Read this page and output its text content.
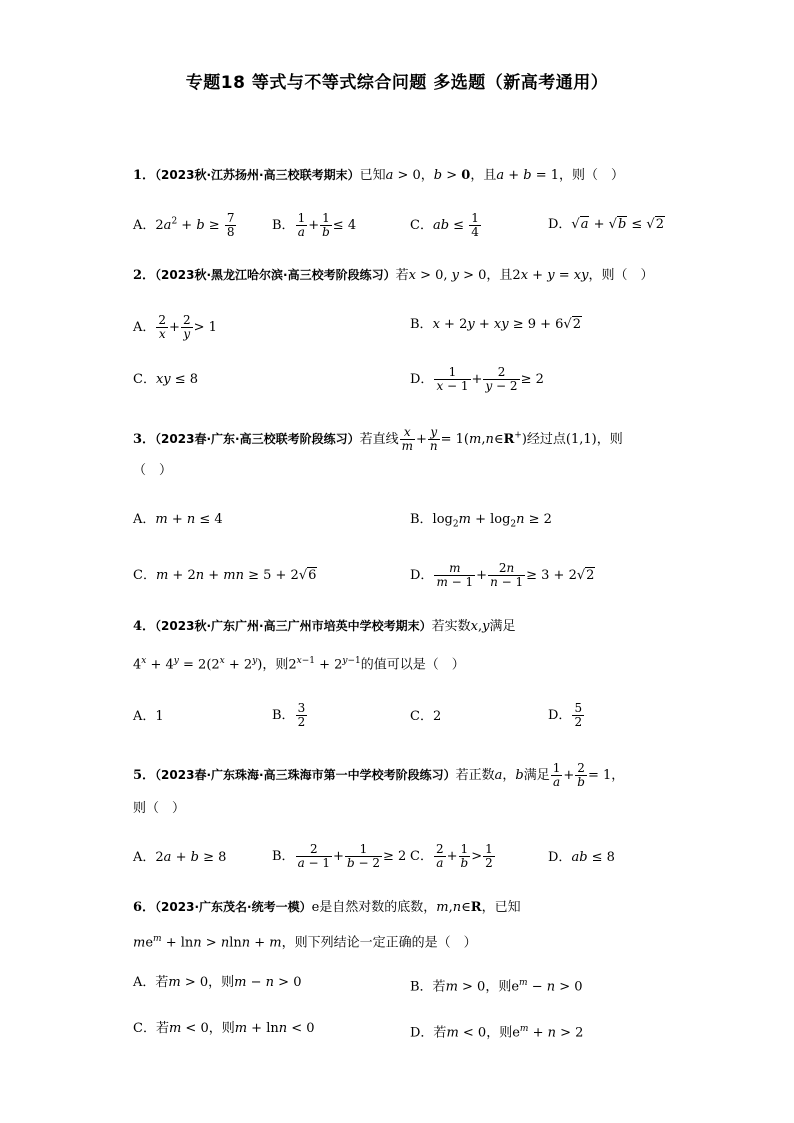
专题18 等式与不等式综合问题 多选题（新高考通用）
1．（2023秋·江苏扬州·高三校联考期末）已知a > 0，b > 0，且a + b = 1，则（　）
A．$2a^2 + b \ge \frac{7}{8}$	B． $\frac{1}{a} + \frac{1}{b} \le 4$	C．ab ≤ $\frac{1}{4}$	D．√a + √b ≤ √2
2．（2023秋·黑龙江哈尔滨·高三校考阶段练习）若x > 0, y > 0，且2x + y = xy，则（　）
A． $\frac{2}{x} + \frac{2}{y} > 1$	B．x + 2y + xy ≥ 9 + 6√2
C．xy ≤ 8	D． $\frac{1}{x - 1} + \frac{2}{y - 2} \ge 2$
3．（2023春·广东·高三校联考阶段练习）若直线 $\frac{x}{m} + \frac{y}{n}$ = 1(m,n∈R+)经过点(1,1)，则
（　）
A．m + n ≤ 4	B．$\log_2m + \log_2n \ge 2$
C．m + 2n + mn ≥ 5 + 2√6	D． $\frac{m}{m - 1} + \frac{2n}{n - 1} \ge 3 + 2√2$
4．（2023秋·广东广州·高三广州市培英中学校考期末）若实数x,y满足
$4^x + 4^y = 2(2^x + 2^y)$，则$2^{x-1} + 2^{y-1}$的值可以是（　）
A．1	B． $\frac{3}{2}$	C．2	D． $\frac{5}{2}$
5．（2023春·广东珠海·高三珠海市第一中学校考阶段练习）若正数a，b满足 $\frac{1}{a} + \frac{2}{b} = 1$，
则（　）
A．2a + b ≥ 8	B． $\frac{2}{a - 1} + \frac{1}{b - 2} \ge 2$ C． $\frac{2}{a} + \frac{1}{b} > \frac{1}{2}$	D．ab ≤ 8
6．（2023·广东茂名·统考一模）e是自然对数的底数，m,n∈R，已知
$me^m + \ln n > nlnn + m$，则下列结论一定正确的是（　）
A．若m > 0，则m − n > 0	B．若m > 0，则$e^m - n > 0$
C．若m < 0，则m + lnn < 0	D．若m < 0，则$e^m + n > 2$
